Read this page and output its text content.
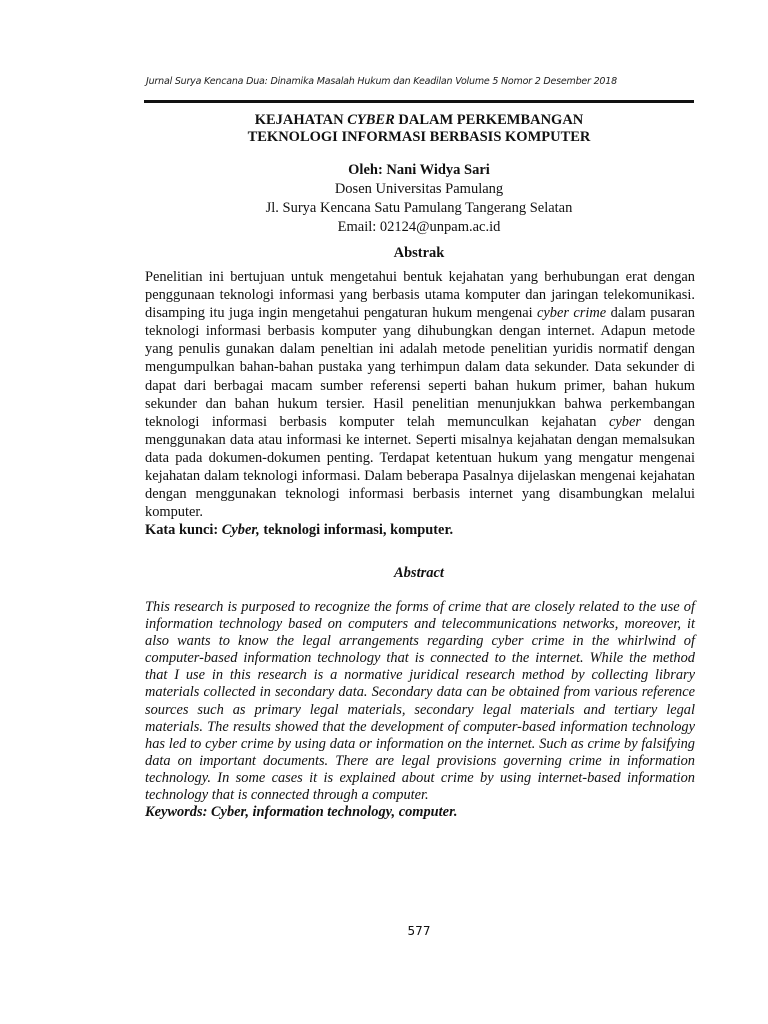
Jurnal Surya Kencana Dua: Dinamika Masalah Hukum dan Keadilan Volume 5 Nomor 2 Desember 2018
KEJAHATAN CYBER DALAM PERKEMBANGAN
TEKNOLOGI INFORMASI BERBASIS KOMPUTER
Oleh: Nani Widya Sari
Dosen Universitas Pamulang
Jl. Surya Kencana Satu Pamulang Tangerang Selatan
Email: 02124@unpam.ac.id
Abstrak

Penelitian ini bertujuan untuk mengetahui bentuk kejahatan yang berhubungan erat dengan penggunaan teknologi informasi yang berbasis utama komputer dan jaringan telekomunikasi. disamping itu juga ingin mengetahui pengaturan hukum mengenai cyber crime dalam pusaran teknologi informasi berbasis komputer yang dihubungkan dengan internet. Adapun metode yang penulis gunakan dalam peneltian ini adalah metode penelitian yuridis normatif dengan mengumpulkan bahan-bahan pustaka yang terhimpun dalam data sekunder. Data sekunder di dapat dari berbagai macam sumber referensi seperti bahan hukum primer, bahan hukum sekunder dan bahan hukum tersier. Hasil penelitian menunjukkan bahwa perkembangan teknologi informasi berbasis komputer telah memunculkan kejahatan cyber dengan menggunakan data atau informasi ke internet. Seperti misalnya kejahatan dengan memalsukan data pada dokumen-dokumen penting. Terdapat ketentuan hukum yang mengatur mengenai kejahatan dalam teknologi informasi. Dalam beberapa Pasalnya dijelaskan mengenai kejahatan dengan menggunakan teknologi informasi berbasis internet yang disambungkan melalui komputer.

Kata kunci: Cyber, teknologi informasi, komputer.

Abstract

This research is purposed to recognize the forms of crime that are closely related to the use of information technology based on computers and telecommunications networks, moreover, it also wants to know the legal arrangements regarding cyber crime in the whirlwind of computer-based information technology that is connected to the internet. While the method that I use in this research is a normative juridical research method by collecting library materials collected in secondary data. Secondary data can be obtained from various reference sources such as primary legal materials, secondary legal materials and tertiary legal materials. The results showed that the development of computer-based information technology has led to cyber crime by using data or information on the internet. Such as crime by falsifying data on important documents. There are legal provisions governing crime in information technology. In some cases it is explained about crime by using internet-based information technology that is connected through a computer.

Keywords: Cyber, information technology, computer.

577
